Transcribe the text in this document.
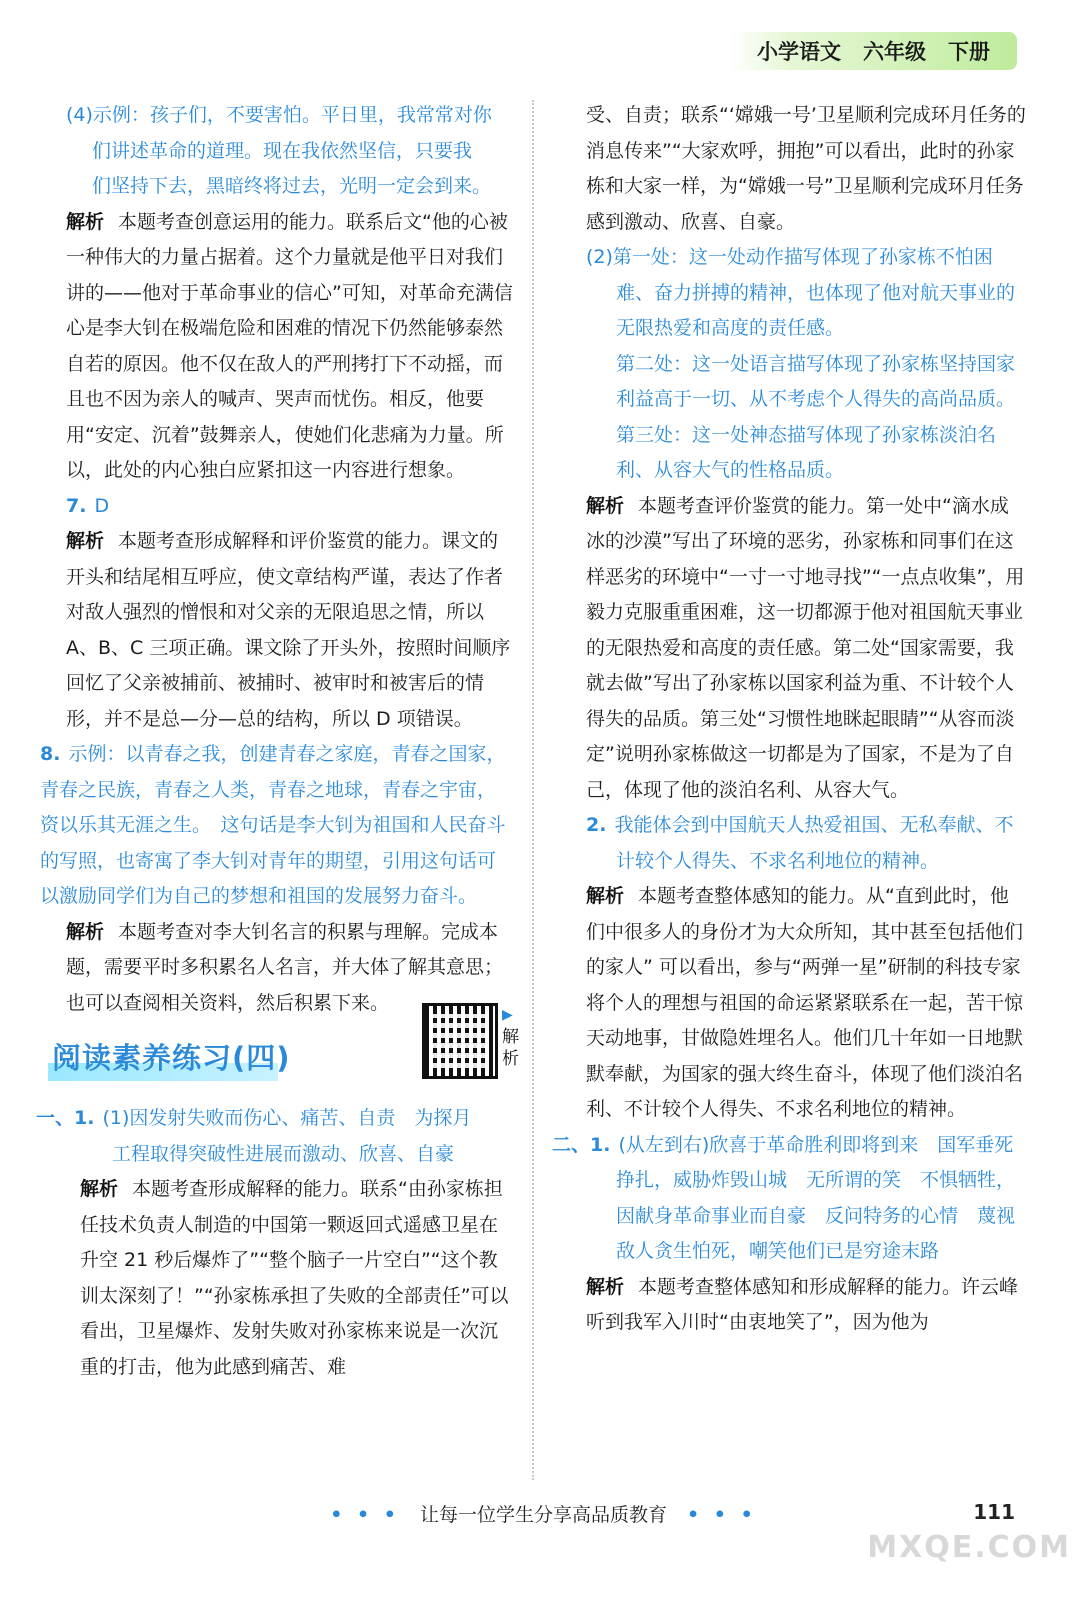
小学语文 六年级 下册
(4)示例：孩子们，不要害怕。平日里，我常常对你
们讲述革命的道理。现在我依然坚信，只要我
们坚持下去，黑暗终将过去，光明一定会到来。

解析 本题考查创意运用的能力。联系后文“他的心被一种伟大的力量占据着。这个力量就是他平日对我们讲的——他对于革命事业的信心”可知，对革命充满信心是李大钊在极端危险和困难的情况下仍然能够泰然自若的原因。他不仅在敌人的严刑拷打下不动摇，而且也不因为亲人的喊声、哭声而忧伤。相反，他要用“安定、沉着”鼓舞亲人，使她们化悲痛为力量。所以，此处的内心独白应紧扣这一内容进行想象。

7. D

解析 本题考查形成解释和评价鉴赏的能力。课文的开头和结尾相互呼应，使文章结构严谨，表达了作者对敌人强烈的憎恨和对父亲的无限追思之情，所以 A、B、C 三项正确。课文除了开头外，按照时间顺序回忆了父亲被捕前、被捕时、被审时和被害后的情形，并不是总—分—总的结构，所以 D 项错误。

8. 示例：以青春之我，创建青春之家庭，青春之国家，青春之民族，青春之人类，青春之地球，青春之宇宙，资以乐其无涯之生。　这句话是李大钊为祖国和人民奋斗的写照，也寄寓了李大钊对青年的期望，引用这句话可以激励同学们为自己的梦想和祖国的发展努力奋斗。

解析 本题考查对李大钊名言的积累与理解。完成本题，需要平时多积累名人名言，并大体了解其意思；也可以查阅相关资料，然后积累下来。

阅读素养练习(四)
▶ 解析
一、1. (1)因发射失败而伤心、痛苦、自责　为探月
工程取得突破性进展而激动、欣喜、自豪

解析 本题考查形成解释的能力。联系“由孙家栋担任技术负责人制造的中国第一颗返回式遥感卫星在升空 21 秒后爆炸了”“整个脑子一片空白”“这个教训太深刻了！”“孙家栋承担了失败的全部责任”可以看出，卫星爆炸、发射失败对孙家栋来说是一次沉重的打击，他为此感到痛苦、难

受、自责；联系“‘嫦娥一号’卫星顺利完成环月任务的消息传来”“大家欢呼，拥抱”可以看出，此时的孙家栋和大家一样，为“嫦娥一号”卫星顺利完成环月任务感到激动、欣喜、自豪。

(2)第一处：这一处动作描写体现了孙家栋不怕困难、奋力拼搏的精神，也体现了他对航天事业的无限热爱和高度的责任感。

第二处：这一处语言描写体现了孙家栋坚持国家利益高于一切、从不考虑个人得失的高尚品质。

第三处：这一处神态描写体现了孙家栋淡泊名利、从容大气的性格品质。

解析 本题考查评价鉴赏的能力。第一处中“滴水成冰的沙漠”写出了环境的恶劣，孙家栋和同事们在这样恶劣的环境中“一寸一寸地寻找”“一点点收集”，用毅力克服重重困难，这一切都源于他对祖国航天事业的无限热爱和高度的责任感。第二处“国家需要，我就去做”写出了孙家栋以国家利益为重、不计较个人得失的品质。第三处“习惯性地眯起眼睛”“从容而淡定”说明孙家栋做这一切都是为了国家，不是为了自己，体现了他的淡泊名利、从容大气。

2. 我能体会到中国航天人热爱祖国、无私奉献、不计较个人得失、不求名利地位的精神。

解析 本题考查整体感知的能力。从“直到此时，他们中很多人的身份才为大众所知，其中甚至包括他们的家人” 可以看出，参与“两弹一星”研制的科技专家将个人的理想与祖国的命运紧紧联系在一起，苦干惊天动地事，甘做隐姓埋名人。他们几十年如一日地默默奉献，为国家的强大终生奋斗，体现了他们淡泊名利、不计较个人得失、不求名利地位的精神。

二、1. (从左到右)欣喜于革命胜利即将到来　国军垂死挣扎，威胁炸毁山城　无所谓的笑　不惧牺牲，因献身革命事业而自豪　反问特务的心情　蔑视敌人贪生怕死，嘲笑他们已是穷途末路

解析 本题考查整体感知和形成解释的能力。许云峰听到我军入川时“由衷地笑了”，因为他为

• • • 让每一位学生分享高品质教育 • • •	111
MXQE.COM
